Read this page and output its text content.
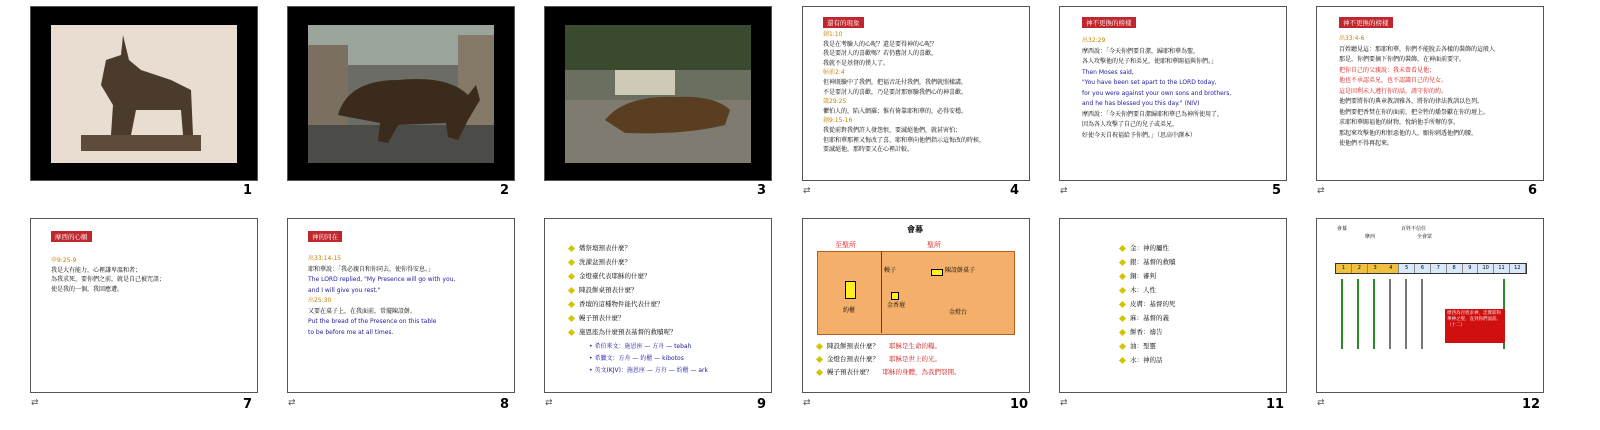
1	2	3
還有的現象
創1:10
我是在考驗人的心呢？還是要得神的心呢？
我是要討人的喜歡嗎？若仍舊討人的喜歡，
我就不是基督的僕人了。
帖前2:4
但神既驗中了我們，把福音託付我們，我們就照樣講，
不是要討人的喜歡，乃是要討那察驗我們心的神喜歡。
箴29:25
懼怕人的，陷入網羅；惟有倚靠耶和華的，必得安穩。
創9:15-16
我從前對我們許人發怨恨，要滅絕他們，就甚害怕；
但耶和華那裡又悔改了喜，耶和華向他們指示這悔改的時候，
要滅絕他，那時要又在心裡計較。
⇄	4
神不更換的榜樣
出32:29
摩西說：「今天你們要自潔，歸耶和華為聖，
各人攻擊他的兒子和弟兄，使耶和華賜福與你們。」
Then Moses said,
"You have been set apart to the LORD today,
for you were against your own sons and brothers,
and he has blessed you this day." (NIV)
摩西說：「今天你們要自潔歸耶和華已為神所使用了，
因為各人攻擊了自己的兒子或弟兄，
好使今天自祝福給予你們。」（思高中譯本）
⇄	5
神不更換的榜樣
出33:4-6
百姓聽見這：那耶和華，你們不能脫去各樣的裝飾的這般人
那是，你們要摘下你們的裝飾，在神面前要守。
把你自己的父親說：我未曾看見他；
他也不承認弟兄，也不認識自己的兒女。
這是因利未人遵行你的話，謹守你的約。
他們要將你的典章教訓雅各，將你的律法教訓以色列。
他們要把香焚在你的面前，把全牲的燔祭獻在你的壇上。
求耶和華賜福他的財物，悅納他手所辦的事。
那起來攻擊他的和恨惡他的人，願你刺透他們的腰，
使他們不得再起來。
⇄	6
摩西的心願
申9:25-9
我是大有能力，心裡謙卑溫和者；
為我求死，要你們之前，就是自己被咒詛；
使是我的一個，我回應遭。
⇄	7
神的同在
出33:14-15
耶和華說：「我必親自和你同去，使你得安息。」
The LORD replied, "My Presence will go with you,
and I will give you rest."
出25:30
又要在桌子上，在我面前，常擺陳設餅。
Put the bread of the Presence on this table
to be before me at all times.
⇄	8
燔祭壇預表什麼？
洗濯盆預表什麼？
金燈臺代表耶穌的什麼？
陳設餅桌預表什麼？
香壇的這種物件能代表什麼？
幔子預表什麼？
施恩座為什麼預表基督的救贖呢？
• 希伯來文：施恩座 — 方舟 — tebah
• 希臘文：方舟 — 約櫃 — kibotos
• 英文(KJV)：施恩座 — 方舟 — 約櫃 — ark
⇄	9
會幕
至聖所	聖所
約櫃
幔子
金香壇
陳設餅桌子
金燈台
陳設餅預表什麼？ 耶穌是生命的糧。
金燈台預表什麼？ 耶穌是世上的光。
幔子預表什麼？ 耶穌的身體，為我們裂開。
⇄	10
金：神的屬性
銀：基督的救贖
銅：審判
木：人性
皮膚：基督的死
麻：基督的義
餅香：禱告
油：聖靈
水：神的話
⇄	11
會幕
摩西
百姓不信任
全會眾
1	2	3	4	5	6	7	8	9	10	11	12
摩西為百姓求神，忠實耶和華神之聖，直到你們面前。（十二）
⇄	12
